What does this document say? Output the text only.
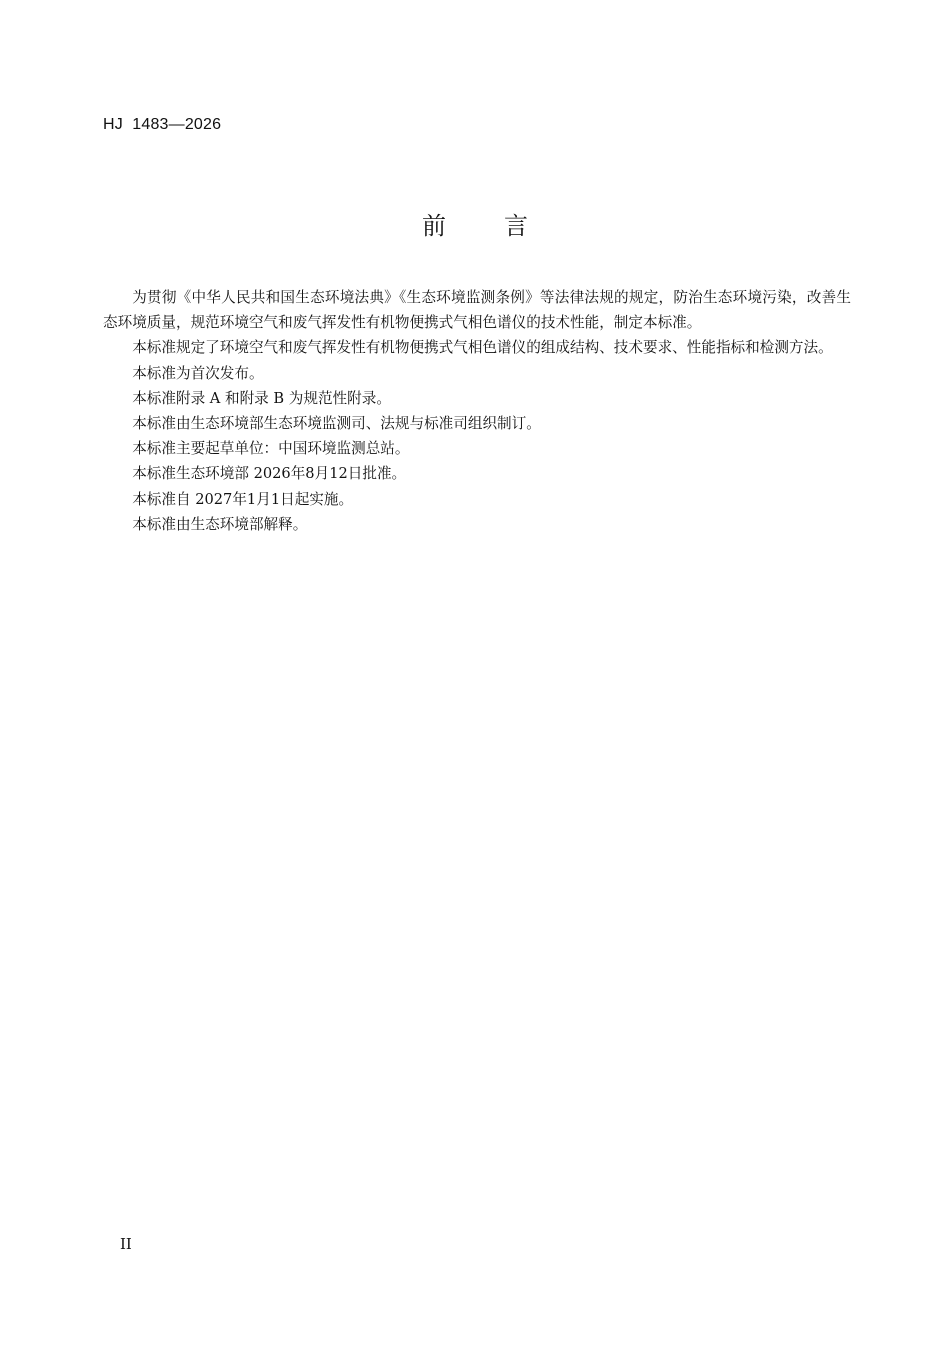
HJ  1483—2026
前 言

为贯彻《中华人民共和国生态环境法典》《生态环境监测条例》等法律法规的规定，防治生态环境污染，改善生态环境质量，规范环境空气和废气挥发性有机物便携式气相色谱仪的技术性能，制定本标准。

本标准规定了环境空气和废气挥发性有机物便携式气相色谱仪的组成结构、技术要求、性能指标和检测方法。

本标准为首次发布。

本标准附录 A 和附录 B 为规范性附录。

本标准由生态环境部生态环境监测司、法规与标准司组织制订。

本标准主要起草单位：中国环境监测总站。

本标准生态环境部 2026年8月12日批准。

本标准自 2027年1月1日起实施。

本标准由生态环境部解释。

II
